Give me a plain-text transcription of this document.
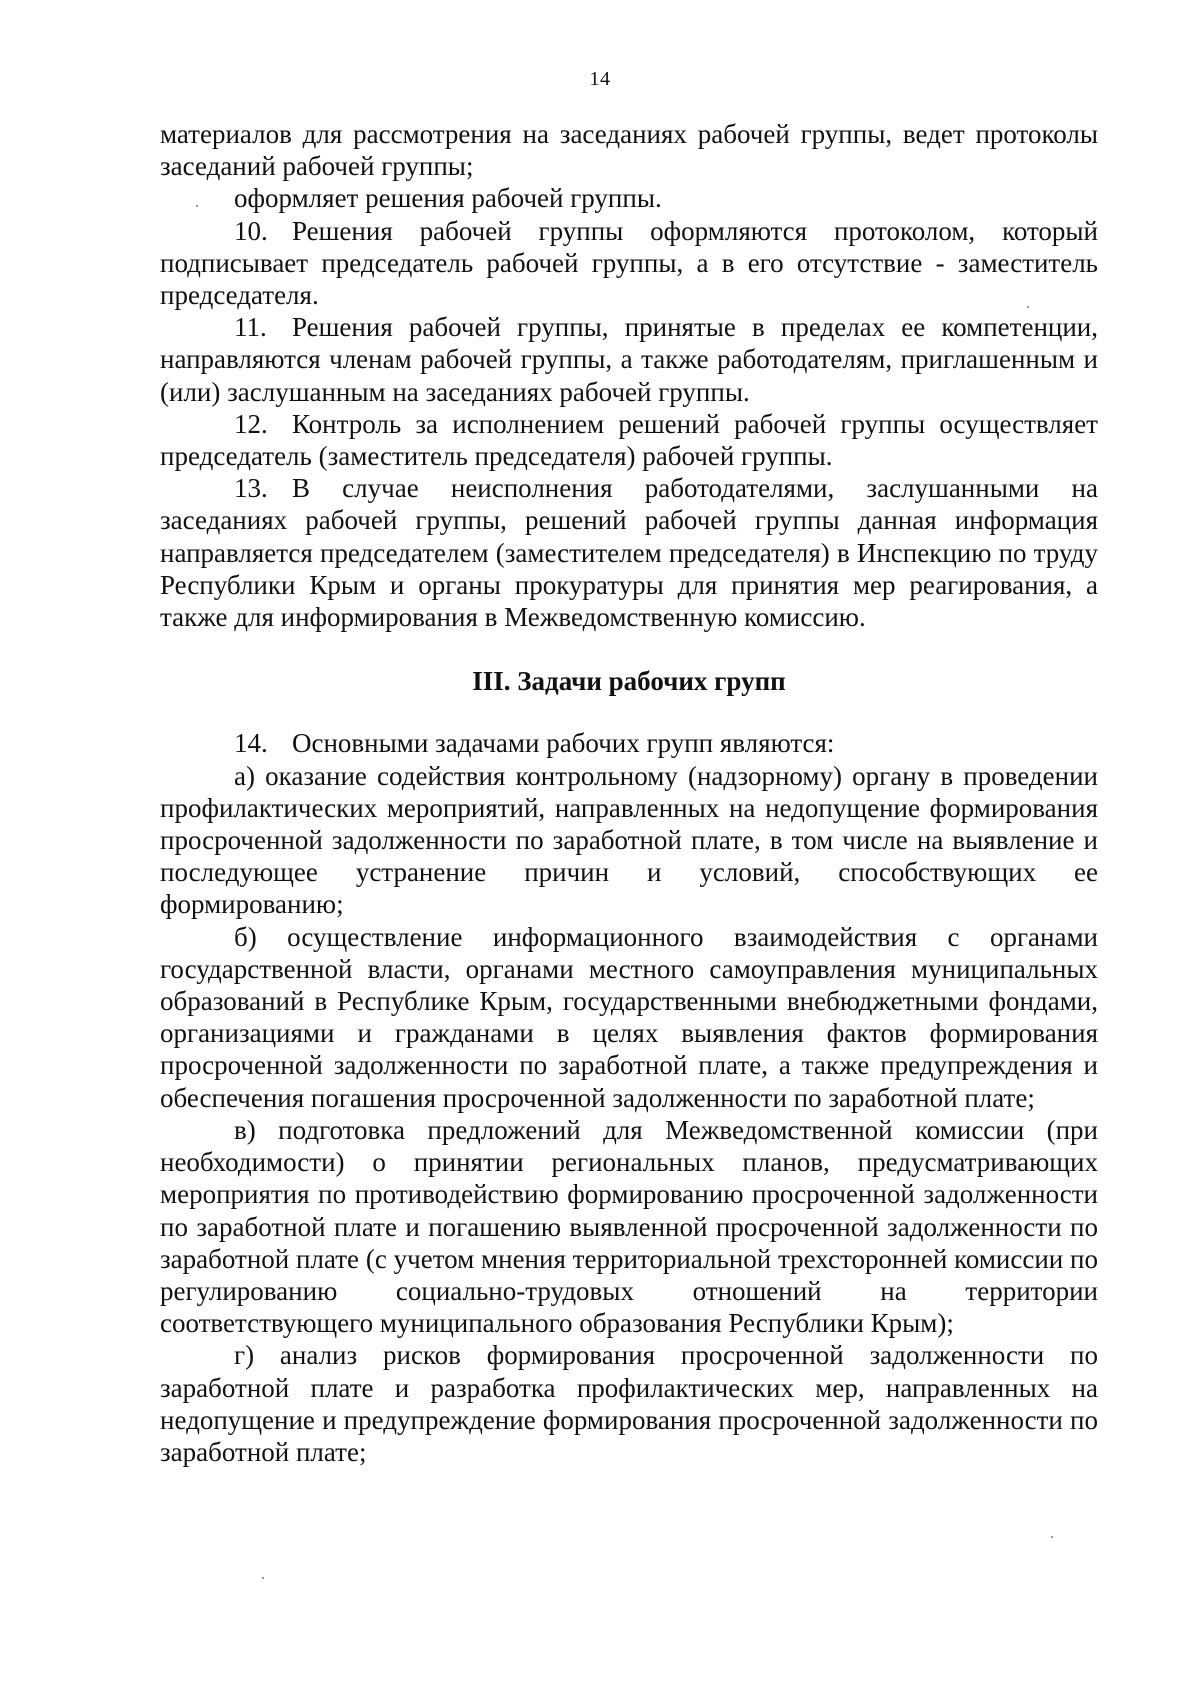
14

материалов для рассмотрения на заседаниях рабочей группы, ведет протоколы заседаний рабочей группы;

оформляет решения рабочей группы.

10. Решения рабочей группы оформляются протоколом, который подписывает председатель рабочей группы, а в его отсутствие - заместитель председателя.

11. Решения рабочей группы, принятые в пределах ее компетенции, направляются членам рабочей группы, а также работодателям, приглашенным и (или) заслушанным на заседаниях рабочей группы.

12. Контроль за исполнением решений рабочей группы осуществляет председатель (заместитель председателя) рабочей группы.

13. В случае неисполнения работодателями, заслушанными на заседаниях рабочей группы, решений рабочей группы данная информация направляется председателем (заместителем председателя) в Инспекцию по труду Республики Крым и органы прокуратуры для принятия мер реагирования, а также для информирования в Межведомственную комиссию.

III. Задачи рабочих групп

14. Основными задачами рабочих групп являются:

а) оказание содействия контрольному (надзорному) органу в проведении профилактических мероприятий, направленных на недопущение формирования просроченной задолженности по заработной плате, в том числе на выявление и последующее устранение причин и условий, способствующих ее формированию;

б) осуществление информационного взаимодействия с органами государственной власти, органами местного самоуправления муниципальных образований в Республике Крым, государственными внебюджетными фондами, организациями и гражданами в целях выявления фактов формирования просроченной задолженности по заработной плате, а также предупреждения и обеспечения погашения просроченной задолженности по заработной плате;

в) подготовка предложений для Межведомственной комиссии (при необходимости) о принятии региональных планов, предусматривающих мероприятия по противодействию формированию просроченной задолженности по заработной плате и погашению выявленной просроченной задолженности по заработной плате (с учетом мнения территориальной трехсторонней комиссии по регулированию социально-трудовых отношений на территории соответствующего муниципального образования Республики Крым);

г) анализ рисков формирования просроченной задолженности по заработной плате и разработка профилактических мер, направленных на недопущение и предупреждение формирования просроченной задолженности по заработной плате;
